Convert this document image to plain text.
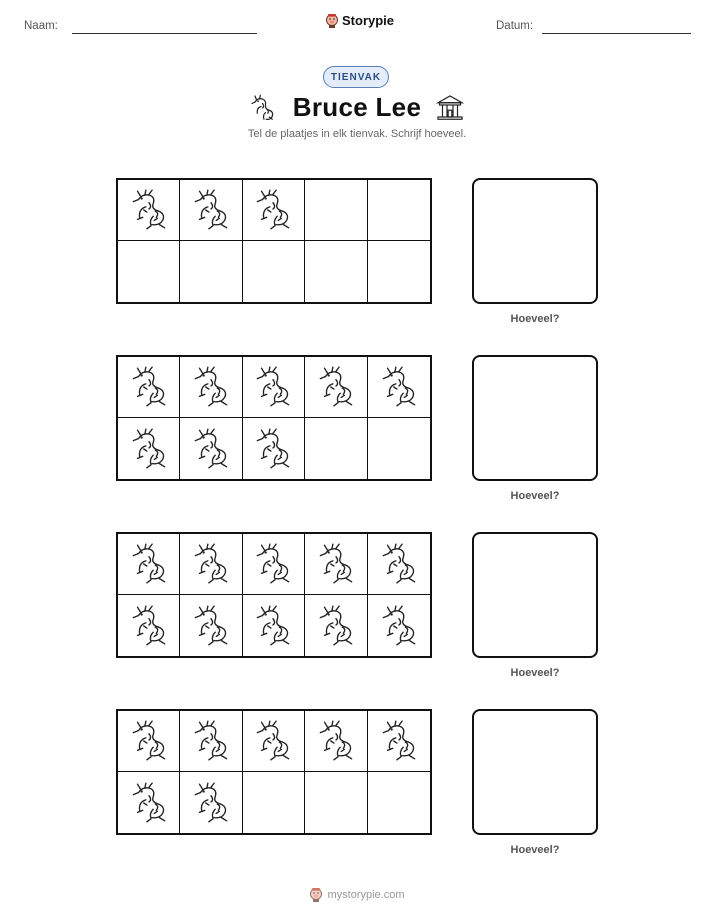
Naam:	Storypie	Datum:
TIENVAK
Bruce Lee
Tel de plaatjes in elk tienvak. Schrijf hoeveel.
Hoeveel?
Hoeveel?
Hoeveel?
Hoeveel?
mystorypie.com
